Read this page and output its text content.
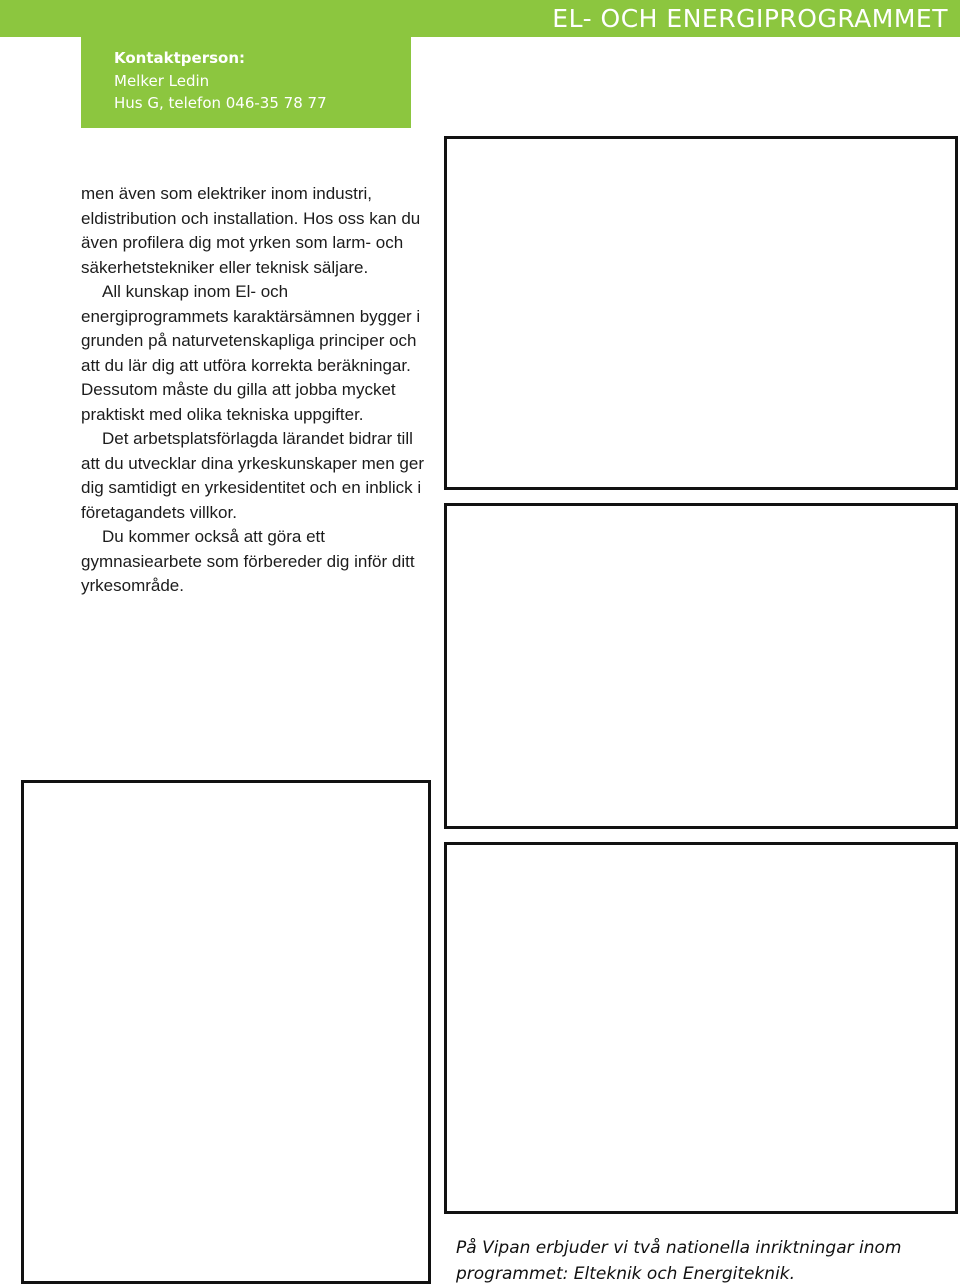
EL- OCH ENERGIPROGRAMMET
Kontaktperson:
Melker Ledin
Hus G, telefon 046-35 78 77

men även som elektriker inom industri, eldistribution och installation. Hos oss kan du även profilera dig mot yrken som larm- och säkerhetstekniker eller teknisk säljare.

All kunskap inom El- och energiprogrammets karaktärsämnen bygger i grunden på naturvetenskapliga principer och att du lär dig att utföra korrekta beräkningar. Dessutom måste du gilla att jobba mycket praktiskt med olika tekniska uppgifter.

Det arbetsplatsförlagda lärandet bidrar till att du utvecklar dina yrkeskunskaper men ger dig samtidigt en yrkesidentitet och en inblick i företagandets villkor.

Du kommer också att göra ett gymnasiearbete som förbereder dig inför ditt yrkesområde.

På Vipan erbjuder vi två nationella inriktningar inom programmet: Elteknik och Energiteknik.
